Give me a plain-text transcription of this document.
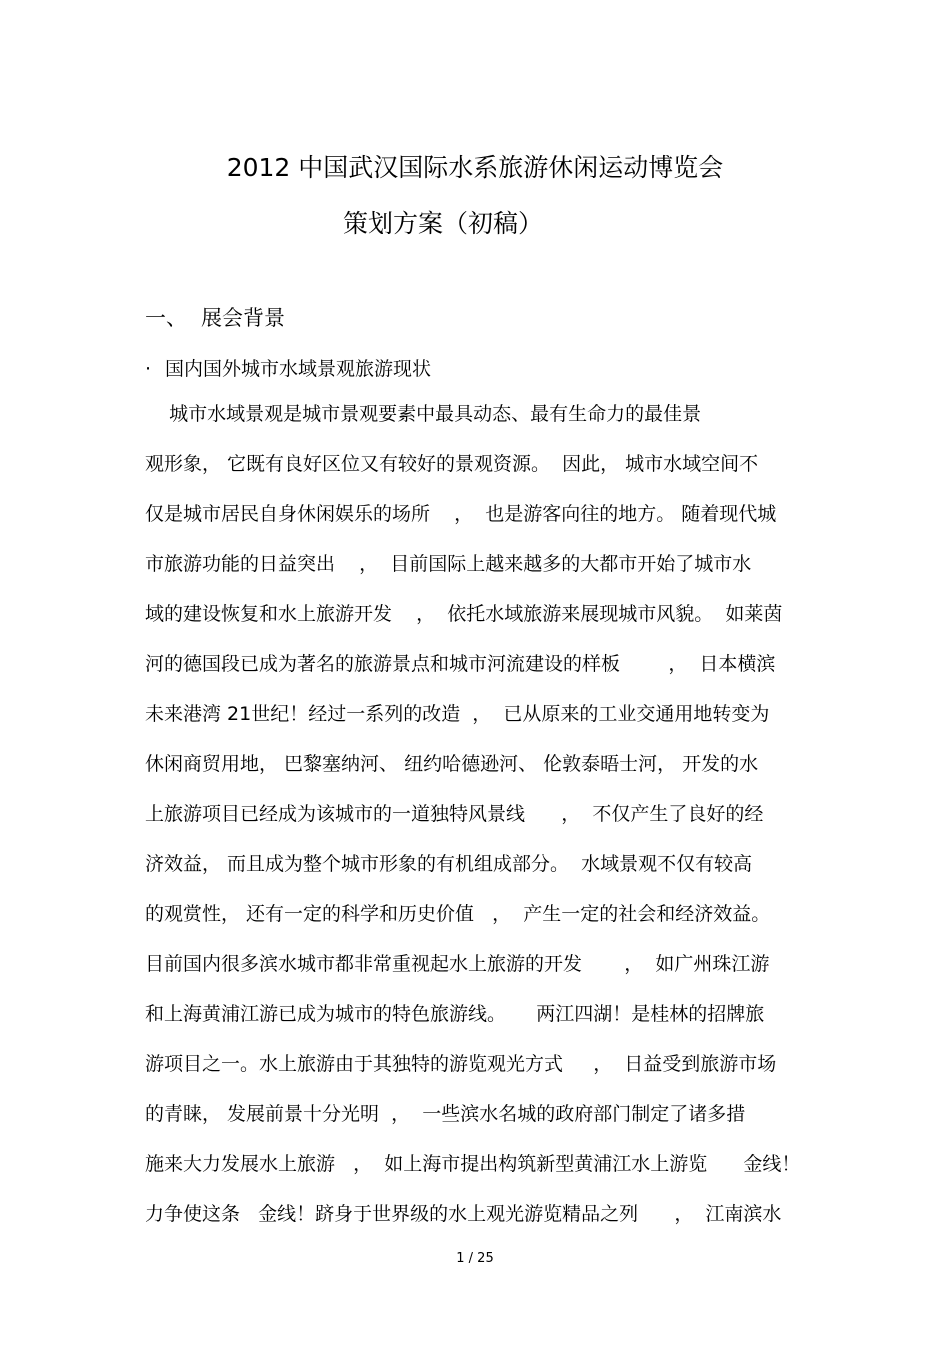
2012 中国武汉国际水系旅游休闲运动博览会
策划方案（初稿）
一、 展会背景
· 国内国外城市水域景观旅游现状
城市水域景观是城市景观要素中最具动态、最有生命力的最佳景
观形象， 它既有良好区位又有较好的景观资源。  因此， 城市水域空间不
仅是城市居民自身休闲娱乐的场所    ，  也是游客向往的地方。 随着现代城
市旅游功能的日益突出    ，  目前国际上越来越多的大都市开始了城市水
域的建设恢复和水上旅游开发    ，  依托水域旅游来展现城市风貌。  如莱茵
河的德国段已成为著名的旅游景点和城市河流建设的样板        ，  日本横滨
未来港湾 21世纪！经过一系列的改造  ，  已从原来的工业交通用地转变为
休闲商贸用地， 巴黎塞纳河、 纽约哈德逊河、 伦敦泰晤士河， 开发的水
上旅游项目已经成为该城市的一道独特风景线      ，  不仅产生了良好的经
济效益， 而且成为整个城市形象的有机组成部分。  水域景观不仅有较高
的观赏性， 还有一定的科学和历史价值   ，  产生一定的社会和经济效益。
目前国内很多滨水城市都非常重视起水上旅游的开发       ，  如广州珠江游
和上海黄浦江游已成为城市的特色旅游线。     两江四湖！是桂林的招牌旅
游项目之一。水上旅游由于其独特的游览观光方式     ，  日益受到旅游市场
的青睐， 发展前景十分光明  ，  一些滨水名城的政府部门制定了诸多措
施来大力发展水上旅游   ，  如上海市提出构筑新型黄浦江水上游览      金线！
力争使这条   金线！跻身于世界级的水上观光游览精品之列      ，  江南滨水
1 / 25
